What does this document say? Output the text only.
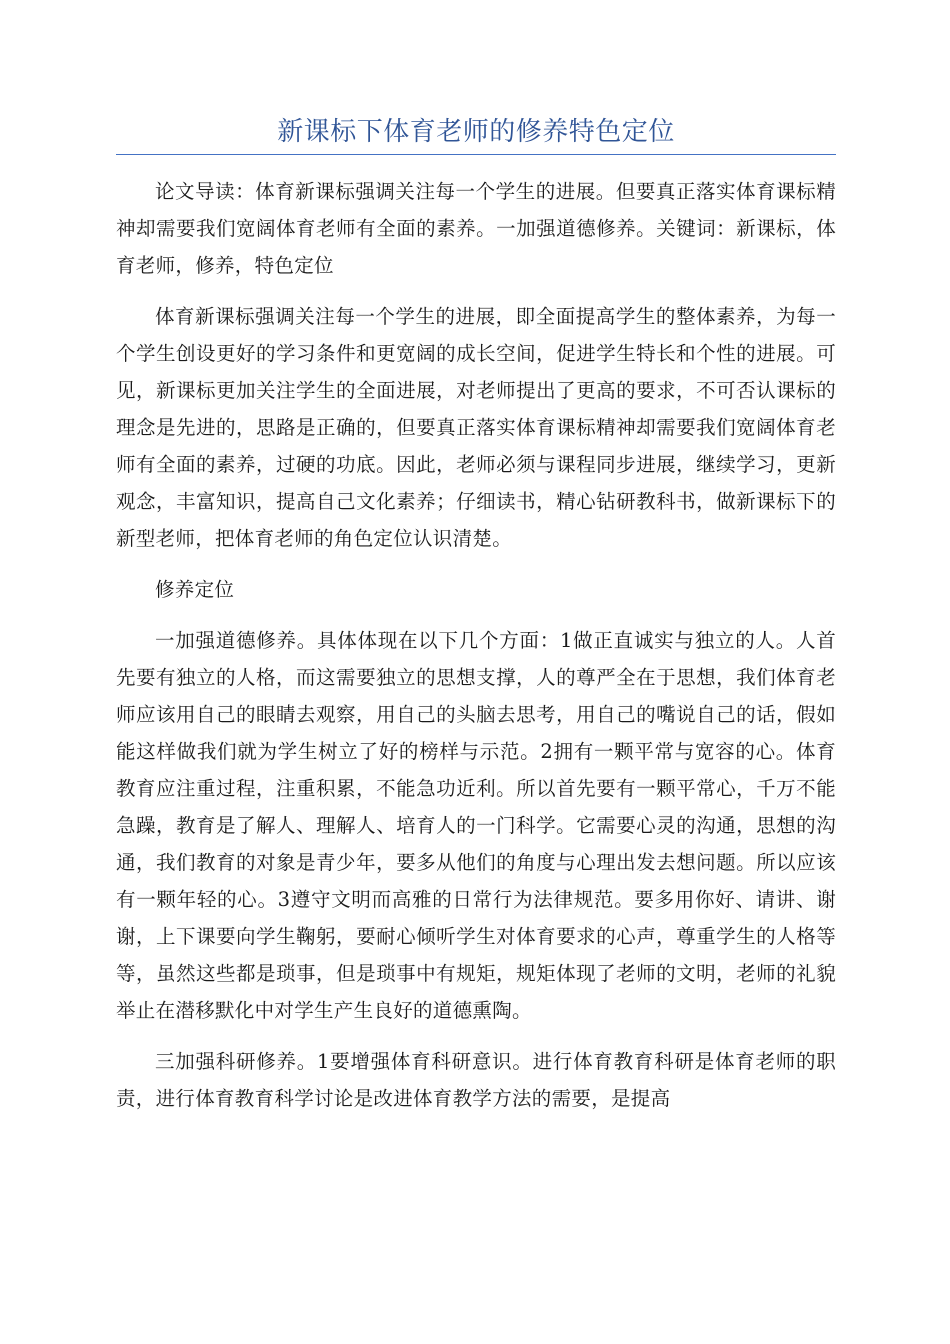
新课标下体育老师的修养特色定位

论文导读：体育新课标强调关注每一个学生的进展。但要真正落实体育课标精神却需要我们宽阔体育老师有全面的素养。一加强道德修养。关键词：新课标，体育老师，修养，特色定位

体育新课标强调关注每一个学生的进展，即全面提高学生的整体素养，为每一个学生创设更好的学习条件和更宽阔的成长空间，促进学生特长和个性的进展。可见，新课标更加关注学生的全面进展，对老师提出了更高的要求，不可否认课标的理念是先进的，思路是正确的，但要真正落实体育课标精神却需要我们宽阔体育老师有全面的素养，过硬的功底。因此，老师必须与课程同步进展，继续学习，更新观念，丰富知识，提高自己文化素养；仔细读书，精心钻研教科书，做新课标下的新型老师，把体育老师的角色定位认识清楚。

修养定位

一加强道德修养。具体体现在以下几个方面：1做正直诚实与独立的人。人首先要有独立的人格，而这需要独立的思想支撑，人的尊严全在于思想，我们体育老师应该用自己的眼睛去观察，用自己的头脑去思考，用自己的嘴说自己的话，假如能这样做我们就为学生树立了好的榜样与示范。2拥有一颗平常与宽容的心。体育教育应注重过程，注重积累，不能急功近利。所以首先要有一颗平常心，千万不能急躁，教育是了解人、理解人、培育人的一门科学。它需要心灵的沟通，思想的沟通，我们教育的对象是青少年，要多从他们的角度与心理出发去想问题。所以应该有一颗年轻的心。3遵守文明而高雅的日常行为法律规范。要多用你好、请讲、谢谢，上下课要向学生鞠躬，要耐心倾听学生对体育要求的心声，尊重学生的人格等等，虽然这些都是琐事，但是琐事中有规矩，规矩体现了老师的文明，老师的礼貌举止在潜移默化中对学生产生良好的道德熏陶。

三加强科研修养。1要增强体育科研意识。进行体育教育科研是体育老师的职责，进行体育教育科学讨论是改进体育教学方法的需要，是提高
